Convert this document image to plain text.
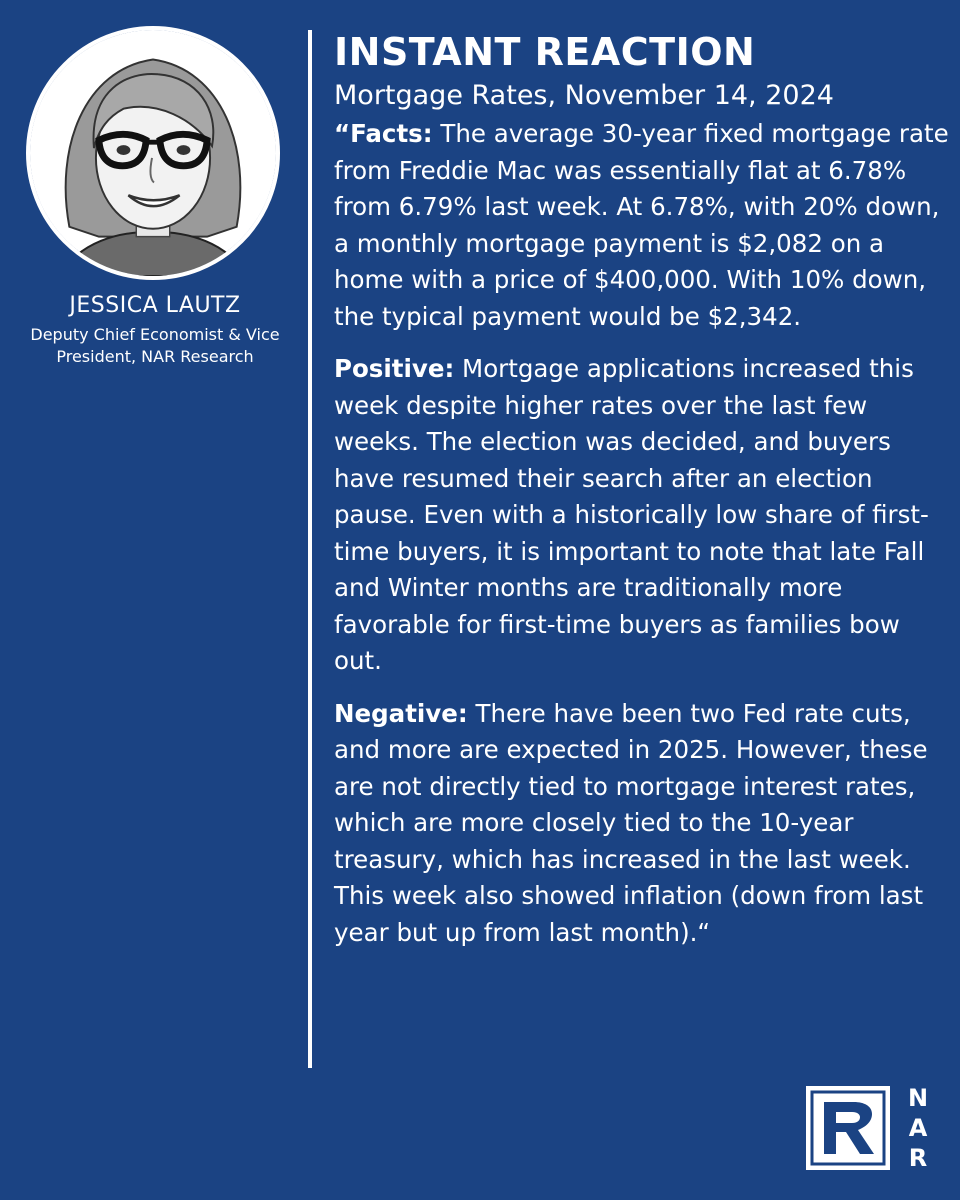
JESSICA LAUTZ
Deputy Chief Economist & Vice President, NAR Research
INSTANT REACTION
Mortgage Rates, November 14, 2024

“Facts: The average 30-year fixed mortgage rate from Freddie Mac was essentially flat at 6.78% from 6.79% last week. At 6.78%, with 20% down, a monthly mortgage payment is $2,082 on a home with a price of $400,000. With 10% down, the typical payment would be $2,342.

Positive: Mortgage applications increased this week despite higher rates over the last few weeks. The election was decided, and buyers have resumed their search after an election pause. Even with a historically low share of first-time buyers, it is important to note that late Fall and Winter months are traditionally more favorable for first-time buyers as families bow out.

Negative: There have been two Fed rate cuts, and more are expected in 2025. However, these are not directly tied to mortgage interest rates, which are more closely tied to the 10-year treasury, which has increased in the last week. This week also showed inflation (down from last year but up from last month).“

N
A
R
